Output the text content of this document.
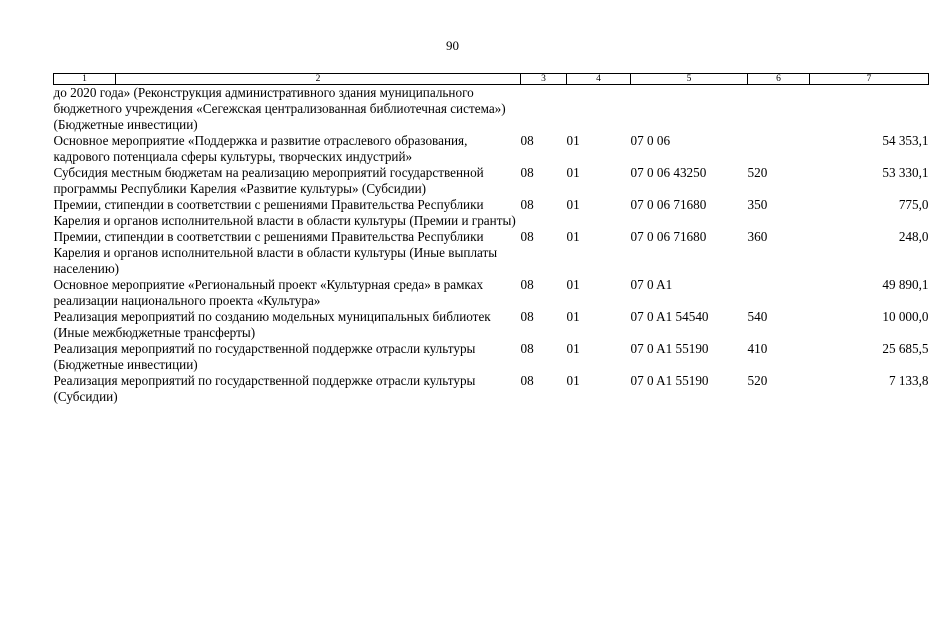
90
1	2	3	4	5	6	7
до 2020 года» (Реконструкция административного здания муниципального бюджетного учреждения «Сегежская централизованная библиотечная система») (Бюджетные инвестиции)						
Основное мероприятие «Поддержка и развитие отраслевого образования, кадрового потенциала сферы культуры, творческих индустрий»		08	01	07 0 06		54 353,1
Субсидия местным бюджетам на реализацию мероприятий государственной программы Республики Карелия «Развитие культуры» (Субсидии)		08	01	07 0 06 43250	520	53 330,1
Премии, стипендии в соответствии с решениями Правительства Республики Карелия и органов исполнительной власти в области культуры (Премии и гранты)		08	01	07 0 06 71680	350	775,0
Премии, стипендии в соответствии с решениями Правительства Республики Карелия и органов исполнительной власти в области культуры (Иные выплаты населению)		08	01	07 0 06 71680	360	248,0
Основное мероприятие «Региональный проект «Культурная среда» в рамках реализации национального проекта «Культура»		08	01	07 0 A1		49 890,1
Реализация мероприятий по созданию модельных муниципальных библиотек (Иные межбюджетные трансферты)		08	01	07 0 A1 54540	540	10 000,0
Реализация мероприятий по государственной поддержке отрасли культуры (Бюджетные инвестиции)		08	01	07 0 A1 55190	410	25 685,5
Реализация мероприятий по государственной поддержке отрасли культуры (Субсидии)		08	01	07 0 A1 55190	520	7 133,8
